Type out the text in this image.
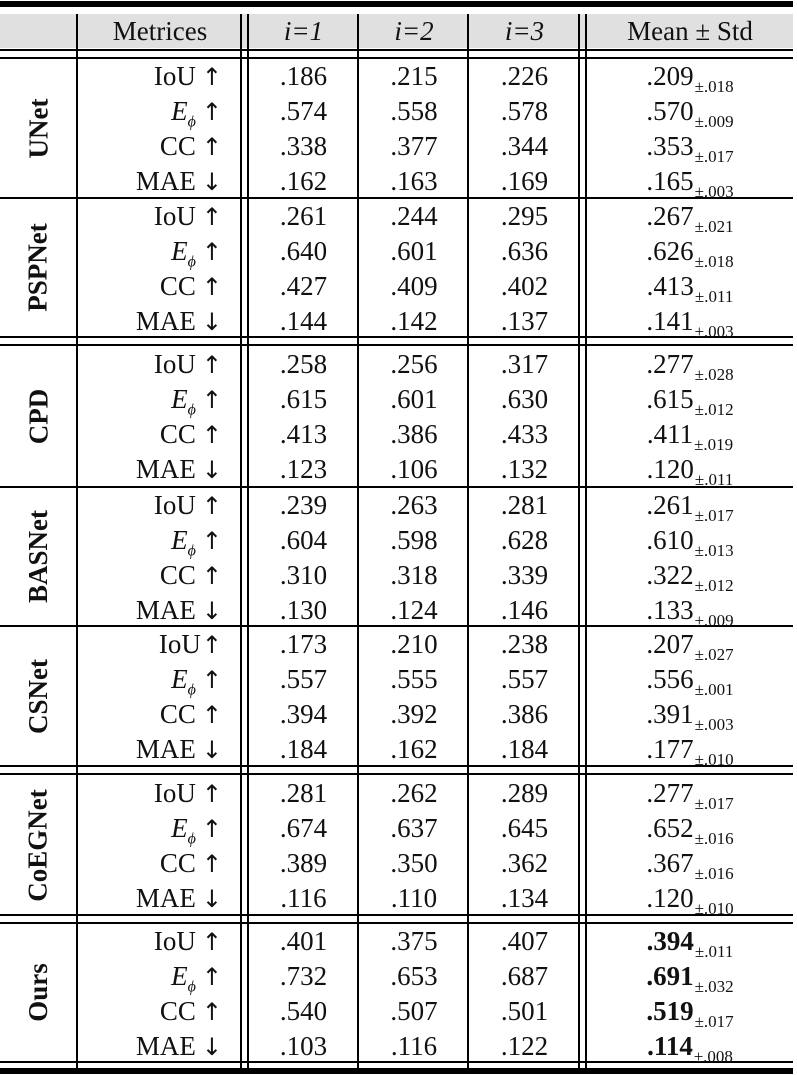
Metrices	i=1	i=2	i=3	Mean ± Std
UNet
IoU ↑	.186	.215	.226	$.209_{\pm.018}$
$E_\phi$ ↑	.574	.558	.578	$.570_{\pm.009}$
CC ↑	.338	.377	.344	$.353_{\pm.017}$
MAE ↓	.162	.163	.169	$.165_{\pm.003}$
PSPNet
IoU ↑	.261	.244	.295	$.267_{\pm.021}$
$E_\phi$ ↑	.640	.601	.636	$.626_{\pm.018}$
CC ↑	.427	.409	.402	$.413_{\pm.011}$
MAE ↓	.144	.142	.137	$.141_{\pm.003}$
CPD
IoU ↑	.258	.256	.317	$.277_{\pm.028}$
$E_\phi$ ↑	.615	.601	.630	$.615_{\pm.012}$
CC ↑	.413	.386	.433	$.411_{\pm.019}$
MAE ↓	.123	.106	.132	$.120_{\pm.011}$
BASNet
IoU ↑	.239	.263	.281	$.261_{\pm.017}$
$E_\phi$ ↑	.604	.598	.628	$.610_{\pm.013}$
CC ↑	.310	.318	.339	$.322_{\pm.012}$
MAE ↓	.130	.124	.146	$.133_{\pm.009}$
CSNet
IoU↑	.173	.210	.238	$.207_{\pm.027}$
$E_\phi$ ↑	.557	.555	.557	$.556_{\pm.001}$
CC ↑	.394	.392	.386	$.391_{\pm.003}$
MAE ↓	.184	.162	.184	$.177_{\pm.010}$
CoEGNet	IoU ↑	.281	.262	.289	$.277_{\pm.017}$
$E_\phi$ ↑	.674	.637	.645	$.652_{\pm.016}$
CC ↑	.389	.350	.362	$.367_{\pm.016}$
MAE ↓	.116	.110	.134	$.120_{\pm.010}$
Ours
IoU ↑	.401	.375	.407	$.394_{\pm.011}$
$E_\phi$ ↑	.732	.653	.687	$.691_{\pm.032}$
CC ↑	.540	.507	.501	$.519_{\pm.017}$
MAE ↓	.103	.116	.122	$.114_{\pm.008}$
